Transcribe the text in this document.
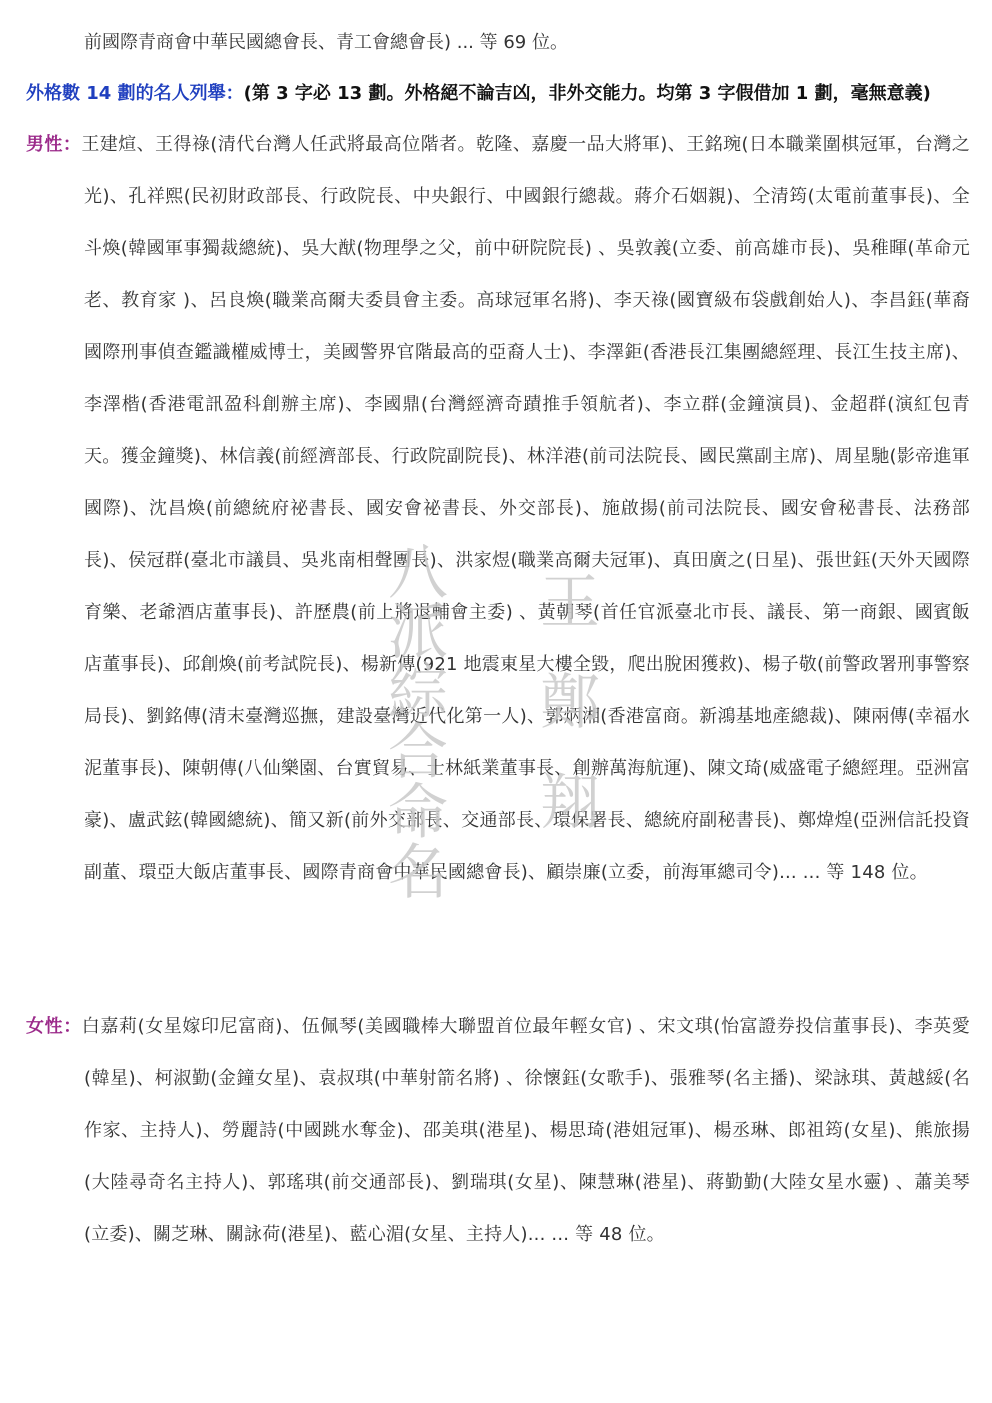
前國際青商會中華民國總會長、青工會總會長) ... 等 69 位。
外格數 14 劃的名人列舉：(第 3 字必 13 劃。外格絕不論吉凶，非外交能力。均第 3 字假借加 1 劃，毫無意義)
男性：王建煊、王得祿(清代台灣人任武將最高位階者。乾隆、嘉慶一品大將軍)、王銘琬(日本職業圍棋冠軍，台灣之光)、孔祥熙(民初財政部長、行政院長、中央銀行、中國銀行總裁。蔣介石姻親)、仝清筠(太電前董事長)、全斗煥(韓國軍事獨裁總統)、吳大猷(物理學之父，前中研院院長) 、吳敦義(立委、前高雄市長)、吳稚暉(革命元老、教育家 )、呂良煥(職業高爾夫委員會主委。高球冠軍名將)、李天祿(國寶級布袋戲創始人)、李昌鈺(華裔國際刑事偵查鑑識權威博士，美國警界官階最高的亞裔人士)、李澤鉅(香港長江集團總經理、長江生技主席)、李澤楷(香港電訊盈科創辦主席)、李國鼎(台灣經濟奇蹟推手領航者)、李立群(金鐘演員)、金超群(演紅包青天。獲金鐘獎)、林信義(前經濟部長、行政院副院長)、林洋港(前司法院長、國民黨副主席)、周星馳(影帝進軍國際)、沈昌煥(前總統府祕書長、國安會祕書長、外交部長)、施啟揚(前司法院長、國安會秘書長、法務部長)、侯冠群(臺北市議員、吳兆南相聲團長)、洪家煜(職業高爾夫冠軍)、真田廣之(日星)、張世鈺(天外天國際育樂、老爺酒店董事長)、許歷農(前上將退輔會主委) 、黃朝琴(首任官派臺北市長、議長、第一商銀、國賓飯店董事長)、邱創煥(前考試院長)、楊新傳(921 地震東星大樓全毀，爬出脫困獲救)、楊子敬(前警政署刑事警察局長)、劉銘傳(清末臺灣巡撫，建設臺灣近代化第一人)、郭炳湘(香港富商。新鴻基地產總裁)、陳兩傳(幸福水泥董事長)、陳朝傳(八仙樂園、台實貿易、士林紙業董事長、創辦萬海航運)、陳文琦(威盛電子總經理。亞洲富豪)、盧武鉉(韓國總統)、簡又新(前外交部長、交通部長、環保署長、總統府副秘書長)、鄭煒煌(亞洲信託投資副董、環亞大飯店董事長、國際青商會中華民國總會長)、顧崇廉(立委，前海軍總司令)... ... 等 148 位。
女性：白嘉莉(女星嫁印尼富商)、伍佩琴(美國職棒大聯盟首位最年輕女官) 、宋文琪(怡富證券投信董事長)、李英愛(韓星)、柯淑勤(金鐘女星)、袁叔琪(中華射箭名將) 、徐懷鈺(女歌手)、張雅琴(名主播)、梁詠琪、黃越綏(名作家、主持人)、勞麗詩(中國跳水奪金)、邵美琪(港星)、楊思琦(港姐冠軍)、楊丞琳、郎祖筠(女星)、熊旅揚(大陸尋奇名主持人)、郭瑤琪(前交通部長)、劉瑞琪(女星)、陳慧琳(港星)、蔣勤勤(大陸女星水靈) 、蕭美琴(立委)、關芝琳、關詠荷(港星)、藍心湄(女星、主持人)... ... 等 48 位。
八派綜合命名 王鄭翔
